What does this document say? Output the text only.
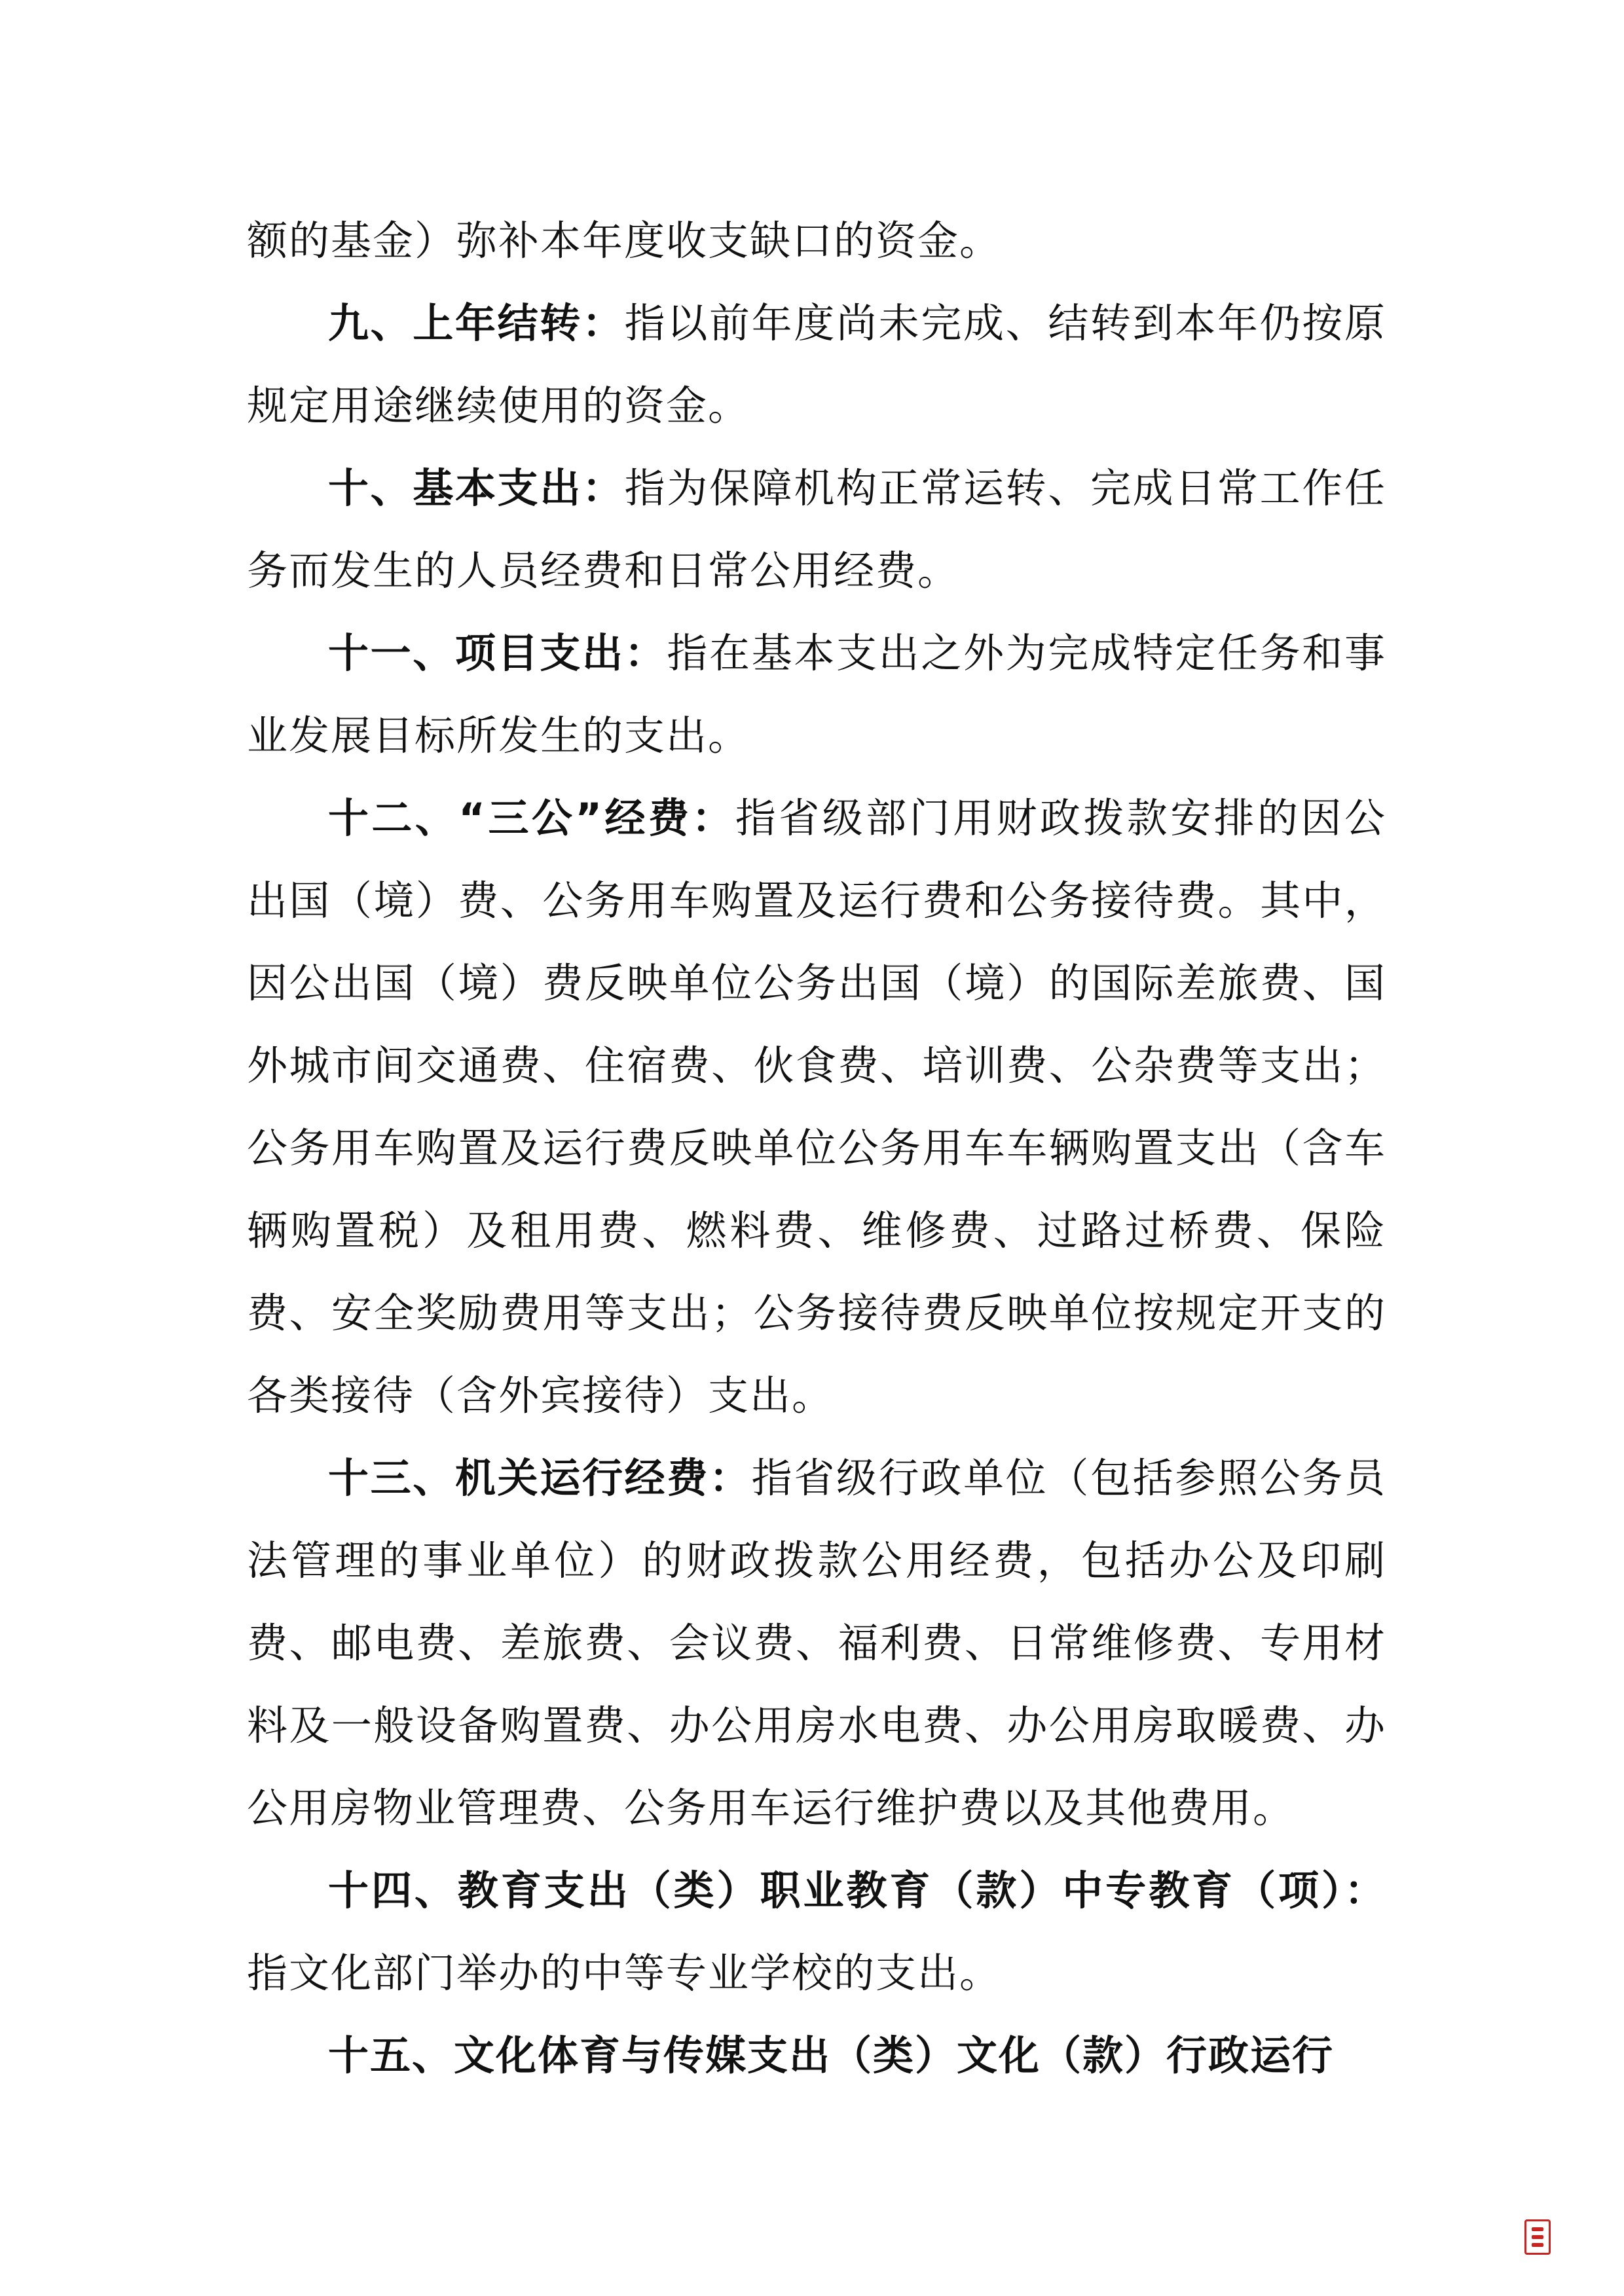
额的基金）弥补本年度收支缺口的资金。

九、上年结转：指以前年度尚未完成、结转到本年仍按原规定用途继续使用的资金。

十、基本支出：指为保障机构正常运转、完成日常工作任务而发生的人员经费和日常公用经费。

十一、项目支出：指在基本支出之外为完成特定任务和事业发展目标所发生的支出。

十二、“三公”经费：指省级部门用财政拨款安排的因公出国（境）费、公务用车购置及运行费和公务接待费。其中，因公出国（境）费反映单位公务出国（境）的国际差旅费、国外城市间交通费、住宿费、伙食费、培训费、公杂费等支出；公务用车购置及运行费反映单位公务用车车辆购置支出（含车辆购置税）及租用费、燃料费、维修费、过路过桥费、保险费、安全奖励费用等支出；公务接待费反映单位按规定开支的各类接待（含外宾接待）支出。

十三、机关运行经费：指省级行政单位（包括参照公务员法管理的事业单位）的财政拨款公用经费，包括办公及印刷费、邮电费、差旅费、会议费、福利费、日常维修费、专用材料及一般设备购置费、办公用房水电费、办公用房取暖费、办公用房物业管理费、公务用车运行维护费以及其他费用。

十四、教育支出（类）职业教育（款）中专教育（项）：指文化部门举办的中等专业学校的支出。

十五、文化体育与传媒支出（类）文化（款）行政运行
